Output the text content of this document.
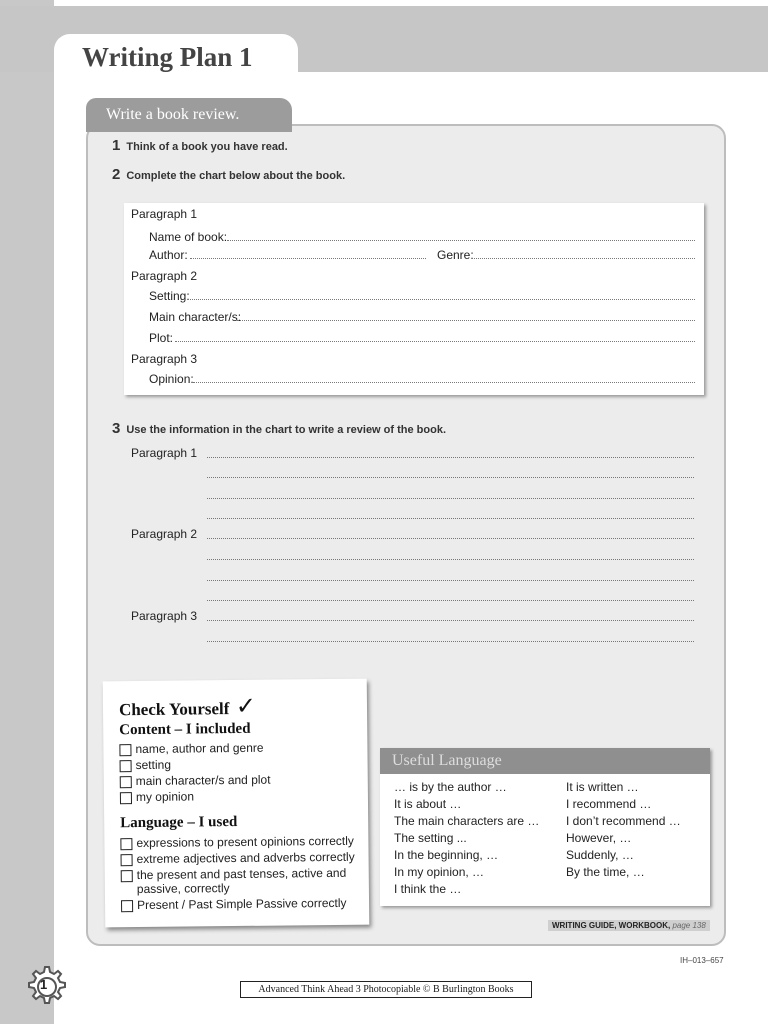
Writing Plan 1
Write a book review.
1 Think of a book you have read.
2 Complete the chart below about the book.
Paragraph 1
Name of book:
Author:	Genre:
Paragraph 2
Setting:
Main character/s:
Plot:
Paragraph 3
Opinion:
3 Use the information in the chart to write a review of the book.
Paragraph 1
Paragraph 2
Paragraph 3
Check Yourself ✓
Content – I included
name, author and genre
setting
main character/s and plot
my opinion
Language – I used
expressions to present opinions correctly
extreme adjectives and adverbs correctly
the present and past tenses, active and passive, correctly
Present / Past Simple Passive correctly
Useful Language
… is by the author …
It is about …
The main characters are …
The setting ...
In the beginning, …
In my opinion, …
I think the …
It is written …
I recommend …
I don’t recommend …
However, …
Suddenly, …
By the time, …
WRITING GUIDE, WORKBOOK, page 138
IH–013–657
Advanced Think Ahead 3 Photocopiable © B Burlington Books
1
